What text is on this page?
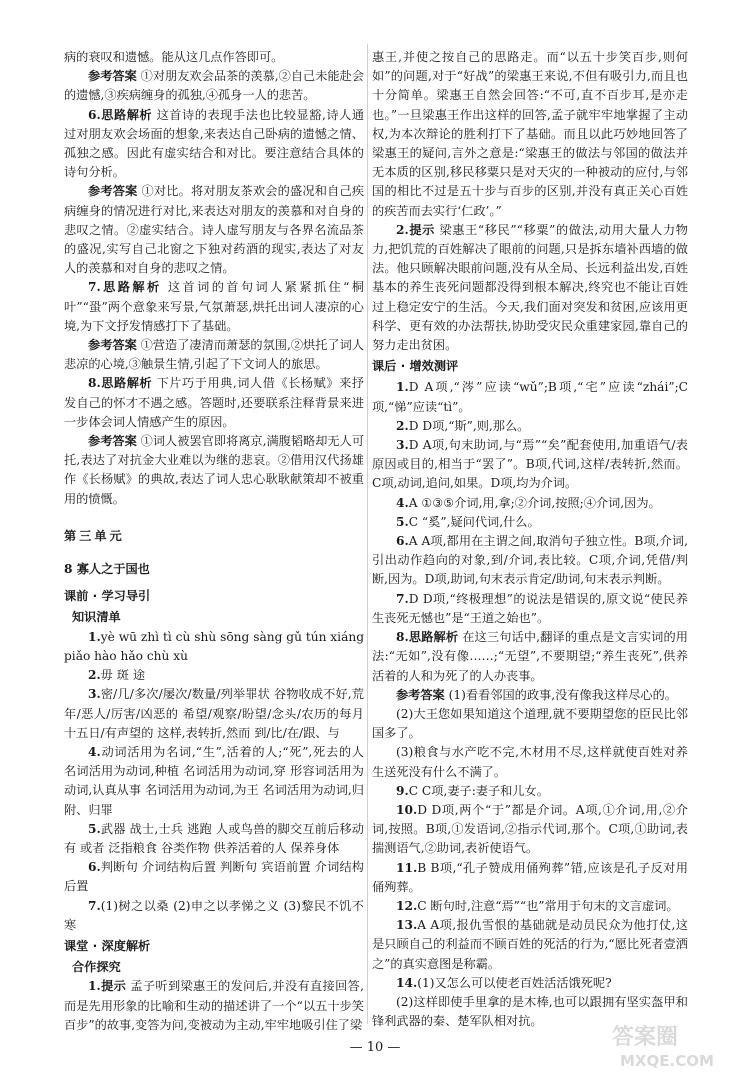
病的衰叹和遗憾。能从这几点作答即可。

参考答案 ①对朋友欢会品茶的羡慕,②自己未能赴会的遗憾,③疾病缠身的孤独,④孤身一人的悲苦。

6.思路解析 这首诗的表现手法也比较显豁,诗人通过对朋友欢会场面的想象,来表达自己卧病的遗憾之情、孤独之感。因此有虚实结合和对比。要注意结合具体的诗句分析。

参考答案 ①对比。将对朋友茶欢会的盛况和自己疾病缠身的情况进行对比,来表达对朋友的羡慕和对自身的悲叹之情。②虚实结合。诗人虚写朋友与各界名流品茶的盛况,实写自己北窗之下独对药酒的现实,表达了对友人的羡慕和对自身的悲叹之情。

7.思路解析 这首词的首句词人紧紧抓住“桐叶”“蛩”两个意象来写景,气氛萧瑟,烘托出词人凄凉的心境,为下文抒发情感打下了基础。

参考答案 ①营造了凄清而萧瑟的氛围,②烘托了词人悲凉的心境,③触景生情,引起了下文词人的旅思。

8.思路解析 下片巧于用典,词人借《长杨赋》来抒发自己的怀才不遇之感。答题时,还要联系注释背景来进一步体会词人情感产生的原因。

参考答案 ①词人被罢官即将离京,满腹韬略却无人可托,表达了对抗金大业难以为继的悲哀。②借用汉代扬雄作《长杨赋》的典故,表达了词人忠心耿耿献策却不被重用的愤慨。

第三单元

8 寡人之于国也

课前 · 学习导引

知识清单

1.yè wū zhì tì cù shù sōng sàng gǔ tún xiáng piǎo hào hǎo chù xù

2.毋 斑 途

3.密/几/多次/屡次/数量/列举罪状 谷物收成不好,荒年/恶人/厉害/凶恶的 希望/观察/盼望/念头/农历的每月十五日/有声望的 这样,表转折,然而 到/比/在/跟、与

4.动词活用为名词,“生”,活着的人;“死”,死去的人 名词活用为动词,种植 名词活用为动词,穿 形容词活用为动词,认真从事 名词活用为动词,为王 名词活用为动词,归附、归罪

5.武器 战士,士兵 逃跑 人或鸟兽的脚交互前后移动 有 或者 泛指粮食 谷类作物 供养活着的人 保养身体

6.判断句 介词结构后置 判断句 宾语前置 介词结构后置

7.(1)树之以桑 (2)申之以孝悌之义 (3)黎民不饥不寒

课堂 · 深度解析

合作探究

1.提示 孟子听到梁惠王的发问后,并没有直接回答,而是先用形象的比喻和生动的描述讲了一个“以五十步笑百步”的故事,变答为问,变被动为主动,牢牢地吸引住了梁

惠王,并使之按自己的思路走。而“以五十步笑百步,则何如”的问题,对于“好战”的梁惠王来说,不但有吸引力,而且也十分简单。梁惠王自然会回答:“不可,直不百步耳,是亦走也。”一旦梁惠王作出这样的回答,孟子就牢牢地掌握了主动权,为本次辩论的胜利打下了基础。而且以此巧妙地回答了梁惠王的疑问,言外之意是:“梁惠王的做法与邻国的做法并无本质的区别,移民移粟只是对天灾的一种被动的应付,与邻国的相比不过是五十步与百步的区别,并没有真正关心百姓的疾苦而去实行‘仁政’。”

2.提示 梁惠王“移民”“移粟”的做法,动用大量人力物力,把饥荒的百姓解决了眼前的问题,只是拆东墙补西墙的做法。他只顾解决眼前问题,没有从全局、长远利益出发,百姓基本的养生丧死问题都没得到根本解决,终究也不能让百姓过上稳定安宁的生活。今天,我们面对突发和贫困,应该用更科学、更有效的办法帮扶,协助受灾民众重建家园,靠自己的努力走出贫困。

课后 · 增效测评

1.D A项,“涔”应读“wǔ”;B项,“宅”应读“zhái”;C项,“悌”应读“tì”。

2.D D项,“斯”,则,那么。

3.D A项,句末助词,与“焉”“矣”配套使用,加重语气/表原因或目的,相当于“罢了”。B项,代词,这样/表转折,然而。C项,动词,追问,如果。D项,均为介词。

4.A ①③⑤介词,用,拿;②介词,按照;④介词,因为。

5.C “奚”,疑问代词,什么。

6.A A项,都用在主谓之间,取消句子独立性。B项,介词,引出动作趋向的对象,到/介词,表比较。C项,介词,凭借/判断,因为。D项,助词,句末表示肯定/助词,句末表示判断。

7.D D项,“终极理想”的说法是错误的,原文说“使民养生丧死无憾也”是“王道之始也”。

8.思路解析 在这三句话中,翻译的重点是文言实词的用法:“无如”,没有像……;“无望”,不要期望;“养生丧死”,供养活着的人和为死了的人办丧事。

参考答案 (1)看看邻国的政事,没有像我这样尽心的。

(2)大王您如果知道这个道理,就不要期望您的臣民比邻国多了。

(3)粮食与水产吃不完,木材用不尽,这样就使百姓对养生送死没有什么不满了。

9.C C项,妻子:妻子和儿女。

10.D D项,两个“于”都是介词。A项,①介词,用,②介词,按照。B项,①发语词,②指示代词,那个。C项,①助词,表揣测语气,②助词,表祈使语气。

11.B B项,“孔子赞成用俑殉葬”错,应该是孔子反对用俑殉葬。

12.C 断句时,注意“焉”“也”常用于句末的文言虚词。

13.A A项,报仇雪恨的基础就是动员民众为他打仗,这是只顾自己的利益而不顾百姓的死活的行为,“愿比死者壹洒之”的真实意图是称霸。

14.(1)又怎么可以使老百姓活活饿死呢?

(2)这样即使手里拿的是木棒,也可以跟拥有坚实盔甲和锋利武器的秦、楚军队相对抗。

— 10 —	答案圈
MXQE.COM
